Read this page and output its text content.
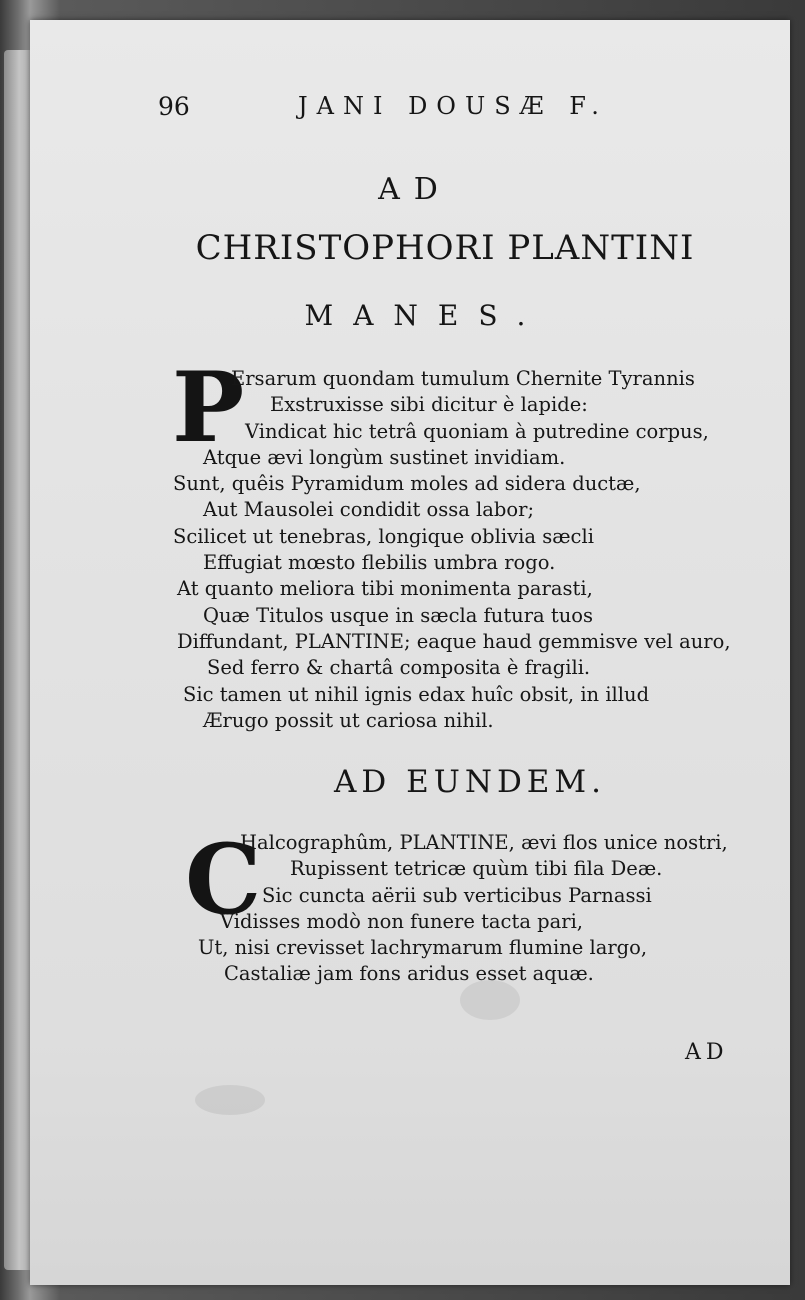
96	JANI DOUSÆ F.
AD
CHRISTOPHORI PLANTINI
MANES.
P
Ersarum quondam tumulum Chernite Tyrannis
Exstruxisse sibi dicitur è lapide:
Vindicat hic tetrâ quoniam à putredine corpus,
Atque ævi longùm sustinet invidiam.
Sunt, quêis Pyramidum moles ad sidera ductæ,
Aut Mausolei condidit ossa labor;
Scilicet ut tenebras, longique oblivia sæcli
Effugiat mœsto flebilis umbra rogo.
At quanto meliora tibi monimenta parasti,
Quæ Titulos usque in sæcla futura tuos
Diffundant, PLANTINE; eaque haud gemmisve vel auro,
Sed ferro & chartâ composita è fragili.
Sic tamen ut nihil ignis edax huîc obsit, in illud
Ærugo possit ut cariosa nihil.
AD EUNDEM.
C
Halcographûm, PLANTINE, ævi flos unice nostri,
Rupissent tetricæ quùm tibi fila Deæ.
Sic cuncta aërii sub verticibus Parnassi
Vidisses modò non funere tacta pari,
Ut, nisi crevisset lachrymarum flumine largo,
Castaliæ jam fons aridus esset aquæ.
AD
